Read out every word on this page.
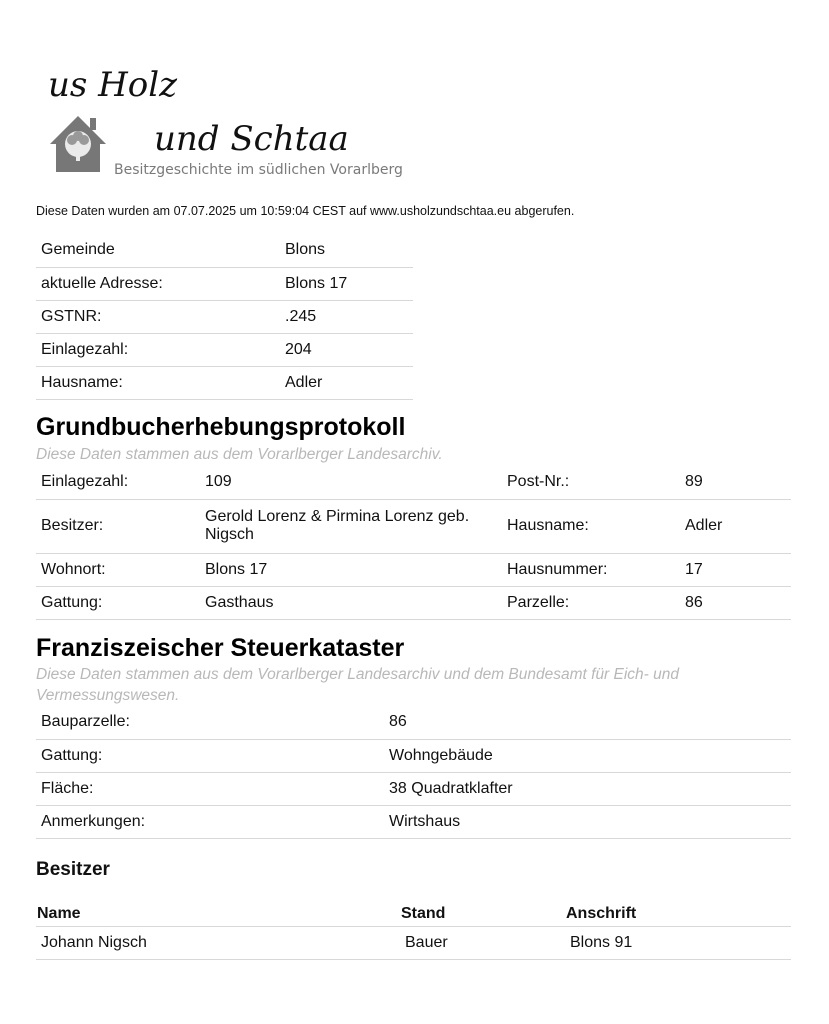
us Holz
und Schtaa
Besitzgeschichte im südlichen Vorarlberg
Diese Daten wurden am 07.07.2025 um 10:59:04 CEST auf www.usholzundschtaa.eu abgerufen.
Gemeinde	Blons
aktuelle Adresse:	Blons 17
GSTNR:	.245
Einlagezahl:	204
Hausname:	Adler
Grundbucherhebungsprotokoll

Diese Daten stammen aus dem Vorarlberger Landesarchiv.

Einlagezahl:	109	Post-Nr.:	89
Besitzer:	Gerold Lorenz & Pirmina Lorenz geb. Nigsch	Hausname:	Adler
Wohnort:	Blons 17	Hausnummer:	17
Gattung:	Gasthaus	Parzelle:	86
Franziszeischer Steuerkataster

Diese Daten stammen aus dem Vorarlberger Landesarchiv und dem Bundesamt für Eich- und Vermessungswesen.

Bauparzelle:	86
Gattung:	Wohngebäude
Fläche:	38 Quadratklafter
Anmerkungen:	Wirtshaus
Besitzer
Name	Stand	Anschrift
Johann Nigsch	Bauer	Blons 91
